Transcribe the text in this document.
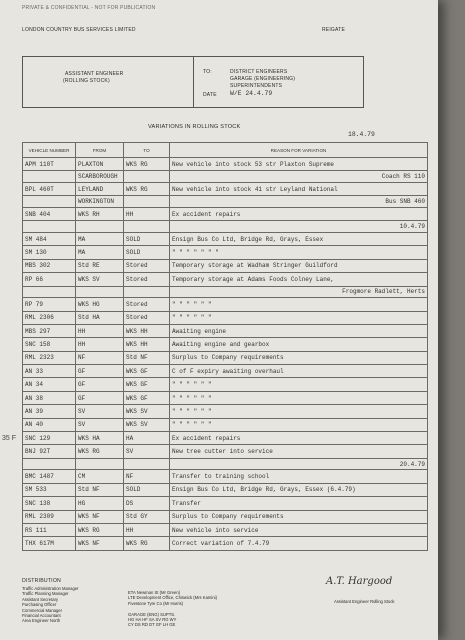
PRIVATE & CONFIDENTIAL - NOT FOR PUBLICATION
LONDON COUNTRY BUS SERVICES LIMITED	REIGATE
ASSISTANT ENGINEER
(ROLLING STOCK)
TO:	DISTRICT ENGINEERS
GARAGE (ENGINEERING)
SUPERINTENDENTS
DATE W/E 24.4.79
VARIATIONS IN ROLLING STOCK
18.4.79
VEHICLE NUMBER	FROM	TO	REASON FOR VARIATION
APM 110T	PLAXTON	WKS RG	New vehicle into stock 53 str Plaxton Supreme
	SCARBOROUGH		Coach RS 110
BPL 460T	LEYLAND	WKS RG	New vehicle into stock 41 str Leyland National
	WORKINGTON		Bus SNB 460
SNB 404	WKS RH	HH	Ex accident repairs
			10.4.79
SM 484	MA	SOLD	Ensign Bus Co Ltd, Bridge Rd, Grays, Essex
SM 130	MA	SOLD	" " " " " " "
MBS 302	Std RE	Stored	Temporary storage at Wadham Stringer Guildford
RP 66	WKS SV	Stored	Temporary storage at Adams Foods Colney Lane,
			Frogmore Radlett, Herts
RP 79	WKS HG	Stored	" " " " " "
RML 2306	Std HA	Stored	" " " " " "
MBS 297	HH	WKS HH	Awaiting engine
SNC 158	HH	WKS HH	Awaiting engine and gearbox
RML 2323	NF	Std NF	Surplus to Company requirements
AN 33	GF	WKS GF	C of F expiry awaiting overhaul
AN 34	GF	WKS GF	" " " " " "
AN 38	GF	WKS GF	" " " " " "
AN 39	SV	WKS SV	" " " " " "
AN 40	SV	WKS SV	" " " " " "
SNC 129	WKS HA	HA	Ex accident repairs
BNJ 92T	WKS RG	SV	New tree cutter into service
			20.4.79
BMC 1487	CM	NF	Transfer to training school
SM 533	Std NF	SOLD	Ensign Bus Co Ltd, Bridge Rd, Grays, Essex (6.4.79)
SNC 138	HG	DS	Transfer
RML 2309	WKS NF	Std GY	Surplus to Company requirements
RS 111	WKS RG	HH	New vehicle into service
THX 617M	WKS NF	WKS RG	Correct variation of 7.4.79
35 F
DISTRIBUTION
Traffic Administration Manager
Traffic Planning Manager
Assistant Secretary
Purchasing Officer
Commercial Manager
Financial Accountant
Area Engineer North
ETA Newman St (Mr Green)
LTE Development Office, Chiswick (Mrs Kamini)
Fivestone Tyre Co (Mr Harris)
GARAGE (ENG) SUPTS.
HG HA HF SA SV RG WY
CY DS RD DT GF LH GE
A.T. Hargood
Assistant Engineer Rolling Stock
